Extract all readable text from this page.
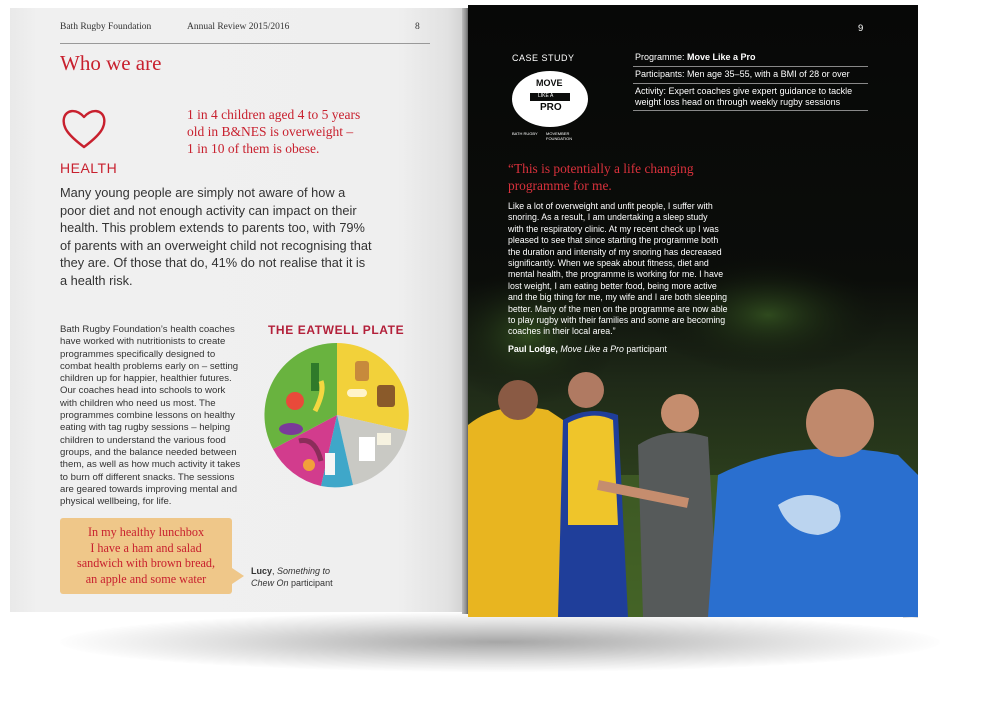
Bath Rugby Foundation	Annual Review 2015/2016	8
Who we are
HEALTH
1 in 4 children aged 4 to 5 years
old in B&NES is overweight –
1 in 10 of them is obese.
Many young people are simply not aware of how a
poor diet and not enough activity can impact on their
health. This problem extends to parents too, with 79%
of parents with an overweight child not recognising that
they are. Of those that do, 41% do not realise that it is
a health risk.
Bath Rugby Foundation’s health coaches
have worked with nutritionists to create
programmes specifically designed to
combat health problems early on – setting
children up for happier, healthier futures.
Our coaches head into schools to work
with children who need us most. The
programmes combine lessons on healthy
eating with tag rugby sessions – helping
children to understand the various food
groups, and the balance needed between
them, as well as how much activity it takes
to burn off different snacks. The sessions
are geared towards improving mental and
physical wellbeing, for life.
THE EATWELL PLATE
In my healthy lunchbox
I have a ham and salad
sandwich with brown bread,
an apple and some water
Lucy, Something to
Chew On participant
9
CASE STUDY
MOVE
LIKE A
PRO
BATH RUGBY MOVEMBER FOUNDATION
Programme: Move Like a Pro
Participants: Men age 35–55, with a BMI of 28 or over
Activity: Expert coaches give expert guidance to tackle
weight loss head on through weekly rugby sessions
“This is potentially a life changing
programme for me.
Like a lot of overweight and unfit people, I suffer with
snoring. As a result, I am undertaking a sleep study
with the respiratory clinic. At my recent check up I was
pleased to see that since starting the programme both
the duration and intensity of my snoring has decreased
significantly. When we speak about fitness, diet and
mental health, the programme is working for me. I have
lost weight, I am eating better food, being more active
and the big thing for me, my wife and I are both sleeping
better. Many of the men on the programme are now able
to play rugby with their families and some are becoming
coaches in their local area.”
Paul Lodge, Move Like a Pro participant
